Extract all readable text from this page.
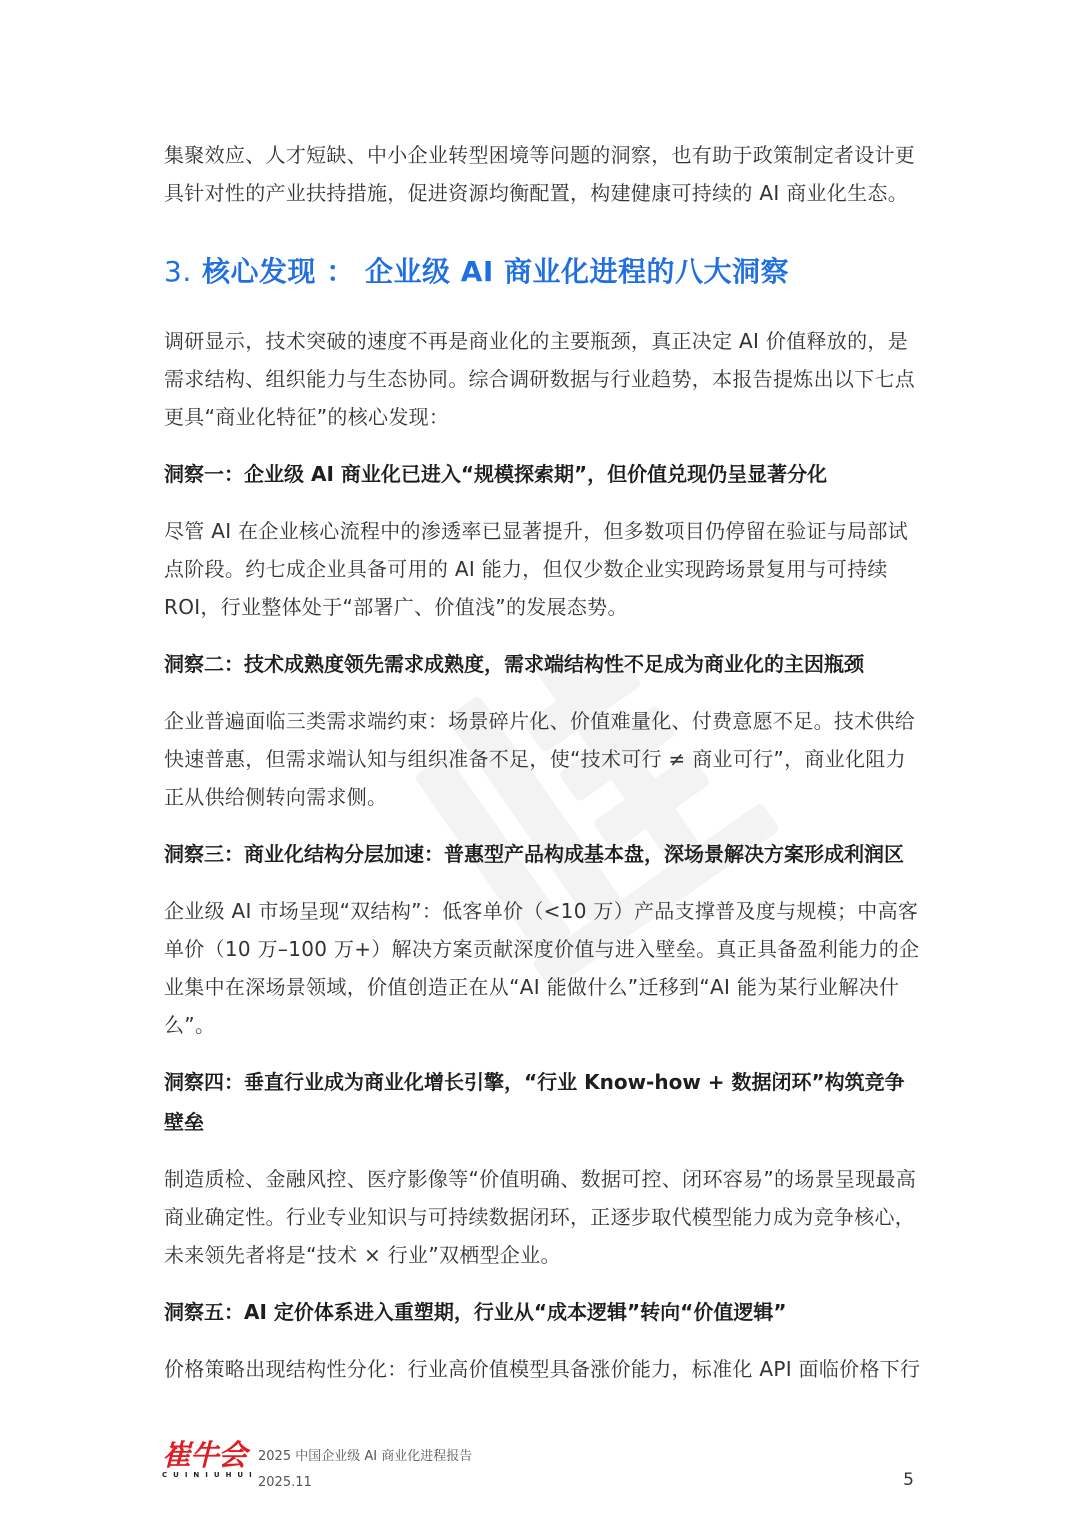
集聚效应、人才短缺、中小企业转型困境等问题的洞察，也有助于政策制定者设计更具针对性的产业扶持措施，促进资源均衡配置，构建健康可持续的 AI 商业化生态。

3. 核心发现 ： 企业级 AI 商业化进程的八大洞察

调研显示，技术突破的速度不再是商业化的主要瓶颈，真正决定 AI 价值释放的，是需求结构、组织能力与生态协同。综合调研数据与行业趋势，本报告提炼出以下七点更具“商业化特征”的核心发现：

洞察一：企业级 AI 商业化已进入“规模探索期”，但价值兑现仍呈显著分化

尽管 AI 在企业核心流程中的渗透率已显著提升，但多数项目仍停留在验证与局部试点阶段。约七成企业具备可用的 AI 能力，但仅少数企业实现跨场景复用与可持续 ROI，行业整体处于“部署广、价值浅”的发展态势。

洞察二：技术成熟度领先需求成熟度，需求端结构性不足成为商业化的主因瓶颈

企业普遍面临三类需求端约束：场景碎片化、价值难量化、付费意愿不足。技术供给快速普惠，但需求端认知与组织准备不足，使“技术可行 ≠ 商业可行”，商业化阻力正从供给侧转向需求侧。

洞察三：商业化结构分层加速：普惠型产品构成基本盘，深场景解决方案形成利润区

企业级 AI 市场呈现“双结构”：低客单价（<10 万）产品支撑普及度与规模；中高客单价（10 万–100 万+）解决方案贡献深度价值与进入壁垒。真正具备盈利能力的企业集中在深场景领域，价值创造正在从“AI 能做什么”迁移到“AI 能为某行业解决什么”。

洞察四：垂直行业成为商业化增长引擎，“行业 Know-how + 数据闭环”构筑竞争壁垒

制造质检、金融风控、医疗影像等“价值明确、数据可控、闭环容易”的场景呈现最高商业确定性。行业专业知识与可持续数据闭环，正逐步取代模型能力成为竞争核心，未来领先者将是“技术 × 行业”双栖型企业。

洞察五：AI 定价体系进入重塑期，行业从“成本逻辑”转向“价值逻辑”

价格策略出现结构性分化：行业高价值模型具备涨价能力，标准化 API 面临价格下行

崔牛会
CUINIUHUI
2025 中国企业级 AI 商业化进程报告
2025.11	5
